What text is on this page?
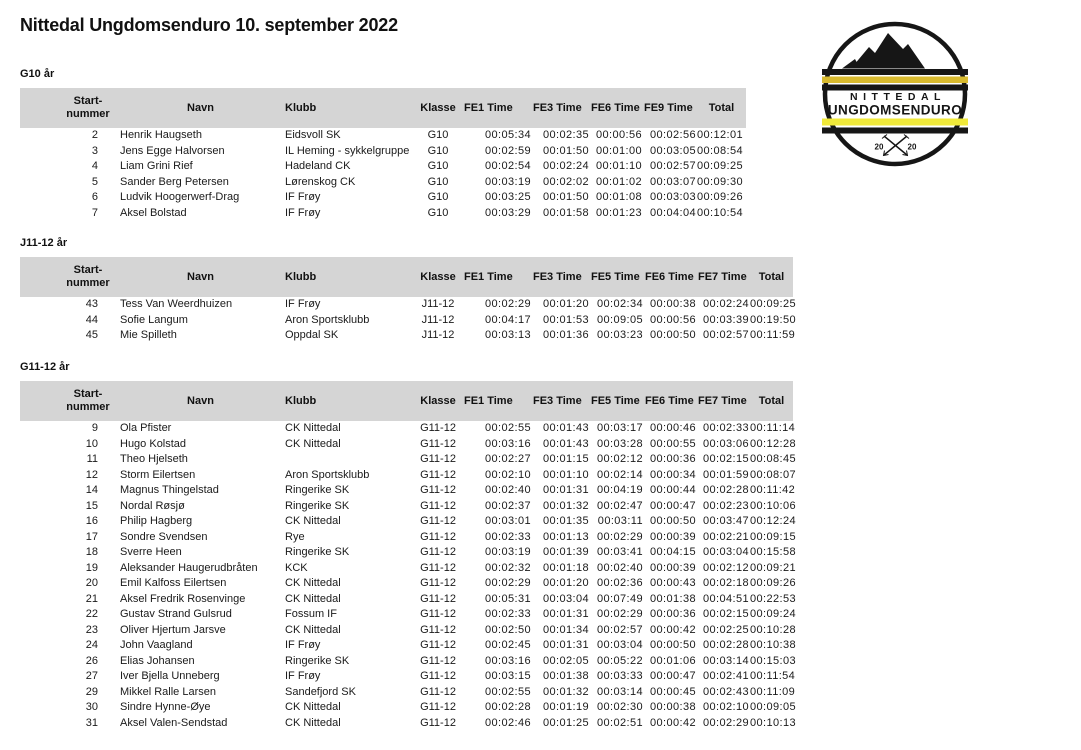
Nittedal Ungdomsenduro 10. september 2022
NITTEDAL
UNGDOMSENDURO
20	20
G10 år
	Start-
nummer	Navn	Klubb	Klasse	FE1 Time	FE3 Time	FE6 Time	FE9 Time	Total
	2	Henrik Haugseth	Eidsvoll SK	G10	00:05:34	00:02:35	00:00:56	00:02:56	00:12:01
	3	Jens Egge Halvorsen	IL Heming - sykkelgruppe	G10	00:02:59	00:01:50	00:01:00	00:03:05	00:08:54
	4	Liam Grini Rief	Hadeland CK	G10	00:02:54	00:02:24	00:01:10	00:02:57	00:09:25
	5	Sander Berg Petersen	Lørenskog CK	G10	00:03:19	00:02:02	00:01:02	00:03:07	00:09:30
	6	Ludvik Hoogerwerf-Drag	IF Frøy	G10	00:03:25	00:01:50	00:01:08	00:03:03	00:09:26
	7	Aksel Bolstad	IF Frøy	G10	00:03:29	00:01:58	00:01:23	00:04:04	00:10:54
J11-12 år
	Start-
nummer	Navn	Klubb	Klasse	FE1 Time	FE3 Time	FE5 Time	FE6 Time	FE7 Time	Total
	43	Tess Van Weerdhuizen	IF Frøy	J11-12	00:02:29	00:01:20	00:02:34	00:00:38	00:02:24	00:09:25
	44	Sofie Langum	Aron Sportsklubb	J11-12	00:04:17	00:01:53	00:09:05	00:00:56	00:03:39	00:19:50
	45	Mie Spilleth	Oppdal SK	J11-12	00:03:13	00:01:36	00:03:23	00:00:50	00:02:57	00:11:59
G11-12 år
	Start-
nummer	Navn	Klubb	Klasse	FE1 Time	FE3 Time	FE5 Time	FE6 Time	FE7 Time	Total
	9	Ola Pfister	CK Nittedal	G11-12	00:02:55	00:01:43	00:03:17	00:00:46	00:02:33	00:11:14
	10	Hugo Kolstad	CK Nittedal	G11-12	00:03:16	00:01:43	00:03:28	00:00:55	00:03:06	00:12:28
	11	Theo Hjelseth		G11-12	00:02:27	00:01:15	00:02:12	00:00:36	00:02:15	00:08:45
	12	Storm Eilertsen	Aron Sportsklubb	G11-12	00:02:10	00:01:10	00:02:14	00:00:34	00:01:59	00:08:07
	14	Magnus Thingelstad	Ringerike SK	G11-12	00:02:40	00:01:31	00:04:19	00:00:44	00:02:28	00:11:42
	15	Nordal Røsjø	Ringerike SK	G11-12	00:02:37	00:01:32	00:02:47	00:00:47	00:02:23	00:10:06
	16	Philip Hagberg	CK Nittedal	G11-12	00:03:01	00:01:35	00:03:11	00:00:50	00:03:47	00:12:24
	17	Sondre Svendsen	Rye	G11-12	00:02:33	00:01:13	00:02:29	00:00:39	00:02:21	00:09:15
	18	Sverre Heen	Ringerike SK	G11-12	00:03:19	00:01:39	00:03:41	00:04:15	00:03:04	00:15:58
	19	Aleksander Haugerudbråten	KCK	G11-12	00:02:32	00:01:18	00:02:40	00:00:39	00:02:12	00:09:21
	20	Emil Kalfoss Eilertsen	CK Nittedal	G11-12	00:02:29	00:01:20	00:02:36	00:00:43	00:02:18	00:09:26
	21	Aksel Fredrik Rosenvinge	CK Nittedal	G11-12	00:05:31	00:03:04	00:07:49	00:01:38	00:04:51	00:22:53
	22	Gustav Strand Gulsrud	Fossum IF	G11-12	00:02:33	00:01:31	00:02:29	00:00:36	00:02:15	00:09:24
	23	Oliver Hjertum Jarsve	CK Nittedal	G11-12	00:02:50	00:01:34	00:02:57	00:00:42	00:02:25	00:10:28
	24	John Vaagland	IF Frøy	G11-12	00:02:45	00:01:31	00:03:04	00:00:50	00:02:28	00:10:38
	26	Elias Johansen	Ringerike SK	G11-12	00:03:16	00:02:05	00:05:22	00:01:06	00:03:14	00:15:03
	27	Iver Bjella Unneberg	IF Frøy	G11-12	00:03:15	00:01:38	00:03:33	00:00:47	00:02:41	00:11:54
	29	Mikkel Ralle Larsen	Sandefjord SK	G11-12	00:02:55	00:01:32	00:03:14	00:00:45	00:02:43	00:11:09
	30	Sindre Hynne-Øye	CK Nittedal	G11-12	00:02:28	00:01:19	00:02:30	00:00:38	00:02:10	00:09:05
	31	Aksel Valen-Sendstad	CK Nittedal	G11-12	00:02:46	00:01:25	00:02:51	00:00:42	00:02:29	00:10:13
